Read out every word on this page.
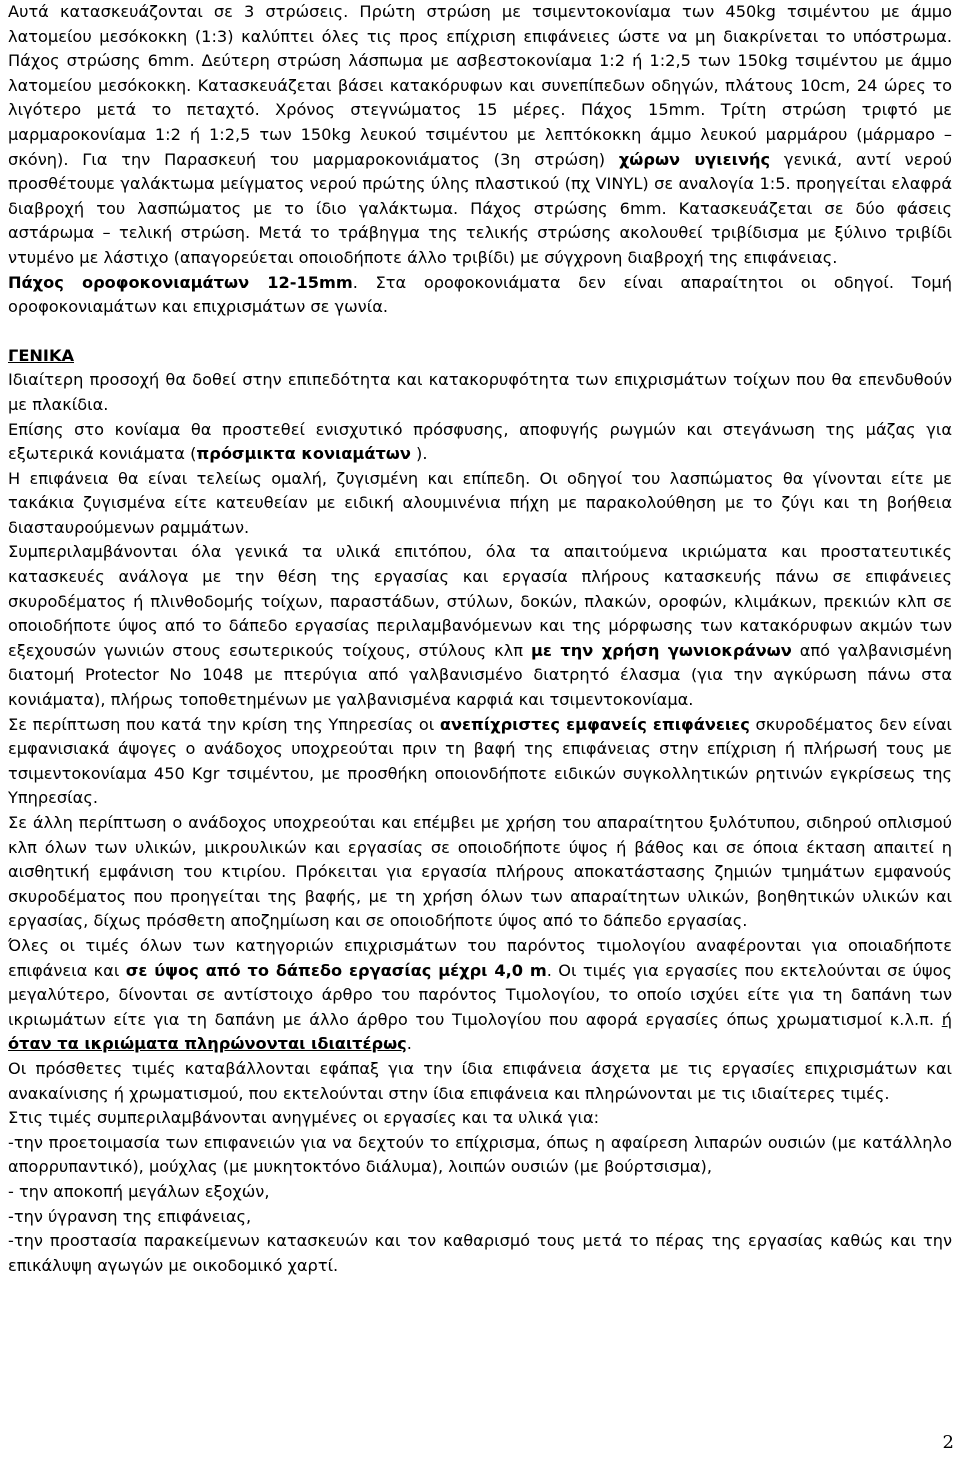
Αυτά κατασκευάζονται σε 3 στρώσεις. Πρώτη στρώση με τσιμεντοκονίαμα των 450kg τσιμέντου με άμμο λατομείου μεσόκοκκη (1:3) καλύπτει όλες τις προς επίχριση επιφάνειες ώστε να μη διακρίνεται το υπόστρωμα. Πάχος στρώσης 6mm. Δεύτερη στρώση λάσπωμα με ασβεστοκονίαμα 1:2 ή 1:2,5 των 150kg τσιμέντου με άμμο λατομείου μεσόκοκκη. Κατασκευάζεται βάσει κατακόρυφων και συνεπίπεδων οδηγών, πλάτους 10cm, 24 ώρες το λιγότερο μετά το πεταχτό. Χρόνος στεγνώματος 15 μέρες. Πάχος 15mm. Τρίτη στρώση τριφτό με μαρμαροκονίαμα 1:2 ή 1:2,5 των 150kg λευκού τσιμέντου με λεπτόκοκκη άμμο λευκού μαρμάρου (μάρμαρο – σκόνη). Για την Παρασκευή του μαρμαροκονιάματος (3η στρώση) χώρων υγιεινής γενικά, αντί νερού προσθέτουμε γαλάκτωμα μείγματος νερού πρώτης ύλης πλαστικού (πχ VINYL) σε αναλογία 1:5. προηγείται ελαφρά διαβροχή του λασπώματος με το ίδιο γαλάκτωμα. Πάχος στρώσης 6mm. Κατασκευάζεται σε δύο φάσεις αστάρωμα – τελική στρώση. Μετά το τράβηγμα της τελικής στρώσης ακολουθεί τριβίδισμα με ξύλινο τριβίδι ντυμένο με λάστιχο (απαγορεύεται οποιοδήποτε άλλο τριβίδι) με σύγχρονη διαβροχή της επιφάνειας.

Πάχος οροφοκονιαμάτων 12-15mm. Στα οροφοκονιάματα δεν είναι απαραίτητοι οι οδηγοί. Τομή οροφοκονιαμάτων και επιχρισμάτων σε γωνία.

ΓΕΝΙΚΑ

Ιδιαίτερη προσοχή θα δοθεί στην επιπεδότητα και κατακορυφότητα των επιχρισμάτων τοίχων που θα επενδυθούν με πλακίδια.

Επίσης στο κονίαμα θα προστεθεί ενισχυτικό πρόσφυσης, αποφυγής ρωγμών και στεγάνωση της μάζας για εξωτερικά κονιάματα (πρόσμικτα κονιαμάτων ).

Η επιφάνεια θα είναι τελείως ομαλή, ζυγισμένη και επίπεδη. Οι οδηγοί του λασπώματος θα γίνονται είτε με τακάκια ζυγισμένα είτε κατευθείαν με ειδική αλουμινένια πήχη με παρακολούθηση με το ζύγι και τη βοήθεια διασταυρούμενων ραμμάτων.

Συμπεριλαμβάνονται όλα γενικά τα υλικά επιτόπου, όλα τα απαιτούμενα ικριώματα και προστατευτικές κατασκευές ανάλογα με την θέση της εργασίας και εργασία πλήρους κατασκευής πάνω σε επιφάνειες σκυροδέματος ή πλινθοδομής τοίχων, παραστάδων, στύλων, δοκών, πλακών, οροφών, κλιμάκων, πρεκιών κλπ σε οποιοδήποτε ύψος από το δάπεδο εργασίας περιλαμβανόμενων και της μόρφωσης των κατακόρυφων ακμών των εξεχουσών γωνιών στους εσωτερικούς τοίχους, στύλους κλπ με την χρήση γωνιοκράνων από γαλβανισμένη διατομή Protector No 1048 με πτερύγια από γαλβανισμένο διατρητό έλασμα (για την αγκύρωση πάνω στα κονιάματα), πλήρως τοποθετημένων με γαλβανισμένα καρφιά και τσιμεντοκονίαμα.

Σε περίπτωση που κατά την κρίση της Υπηρεσίας οι ανεπίχριστες εμφανείς επιφάνειες σκυροδέματος δεν είναι εμφανισιακά άψογες ο ανάδοχος υποχρεούται πριν τη βαφή της επιφάνειας στην επίχριση ή πλήρωσή τους με τσιμεντοκονίαμα 450 Kgr τσιμέντου, με προσθήκη οποιονδήποτε ειδικών συγκολλητικών ρητινών εγκρίσεως της Υπηρεσίας.

Σε άλλη περίπτωση ο ανάδοχος υποχρεούται και επέμβει με χρήση του απαραίτητου ξυλότυπου, σιδηρού οπλισμού κλπ όλων των υλικών, μικρουλικών και εργασίας σε οποιοδήποτε ύψος ή βάθος και σε όποια έκταση απαιτεί η αισθητική εμφάνιση του κτιρίου. Πρόκειται για εργασία πλήρους αποκατάστασης ζημιών τμημάτων εμφανούς σκυροδέματος που προηγείται της βαφής, με τη χρήση όλων των απαραίτητων υλικών, βοηθητικών υλικών και εργασίας, δίχως πρόσθετη αποζημίωση και σε οποιοδήποτε ύψος από το δάπεδο εργασίας.

Όλες οι τιμές όλων των κατηγοριών επιχρισμάτων του παρόντος τιμολογίου αναφέρονται για οποιαδήποτε επιφάνεια και σε ύψος από το δάπεδο εργασίας μέχρι 4,0 m. Οι τιμές για εργασίες που εκτελούνται σε ύψος μεγαλύτερο, δίνονται σε αντίστοιχο άρθρο του παρόντος Τιμολογίου, το οποίο ισχύει είτε για τη δαπάνη των ικριωμάτων είτε για τη δαπάνη με άλλο άρθρο του Τιμολογίου που αφορά εργασίες όπως χρωματισμοί κ.λ.π. ή όταν τα ικριώματα πληρώνονται ιδιαιτέρως.

Οι πρόσθετες τιμές καταβάλλονται εφάπαξ για την ίδια επιφάνεια άσχετα με τις εργασίες επιχρισμάτων και ανακαίνισης ή χρωματισμού, που εκτελούνται στην ίδια επιφάνεια και πληρώνονται με τις ιδιαίτερες τιμές.

Στις τιμές συμπεριλαμβάνονται ανηγμένες οι εργασίες και τα υλικά για:

-την προετοιμασία των επιφανειών για να δεχτούν το επίχρισμα, όπως η αφαίρεση λιπαρών ουσιών (με κατάλληλο απορρυπαντικό), μούχλας (με μυκητοκτόνο διάλυμα), λοιπών ουσιών (με βούρτσισμα),

- την αποκοπή μεγάλων εξοχών,

-την ύγρανση της επιφάνειας,

-την προστασία παρακείμενων κατασκευών και τον καθαρισμό τους μετά το πέρας της εργασίας καθώς και την επικάλυψη αγωγών με οικοδομικό χαρτί.

2
